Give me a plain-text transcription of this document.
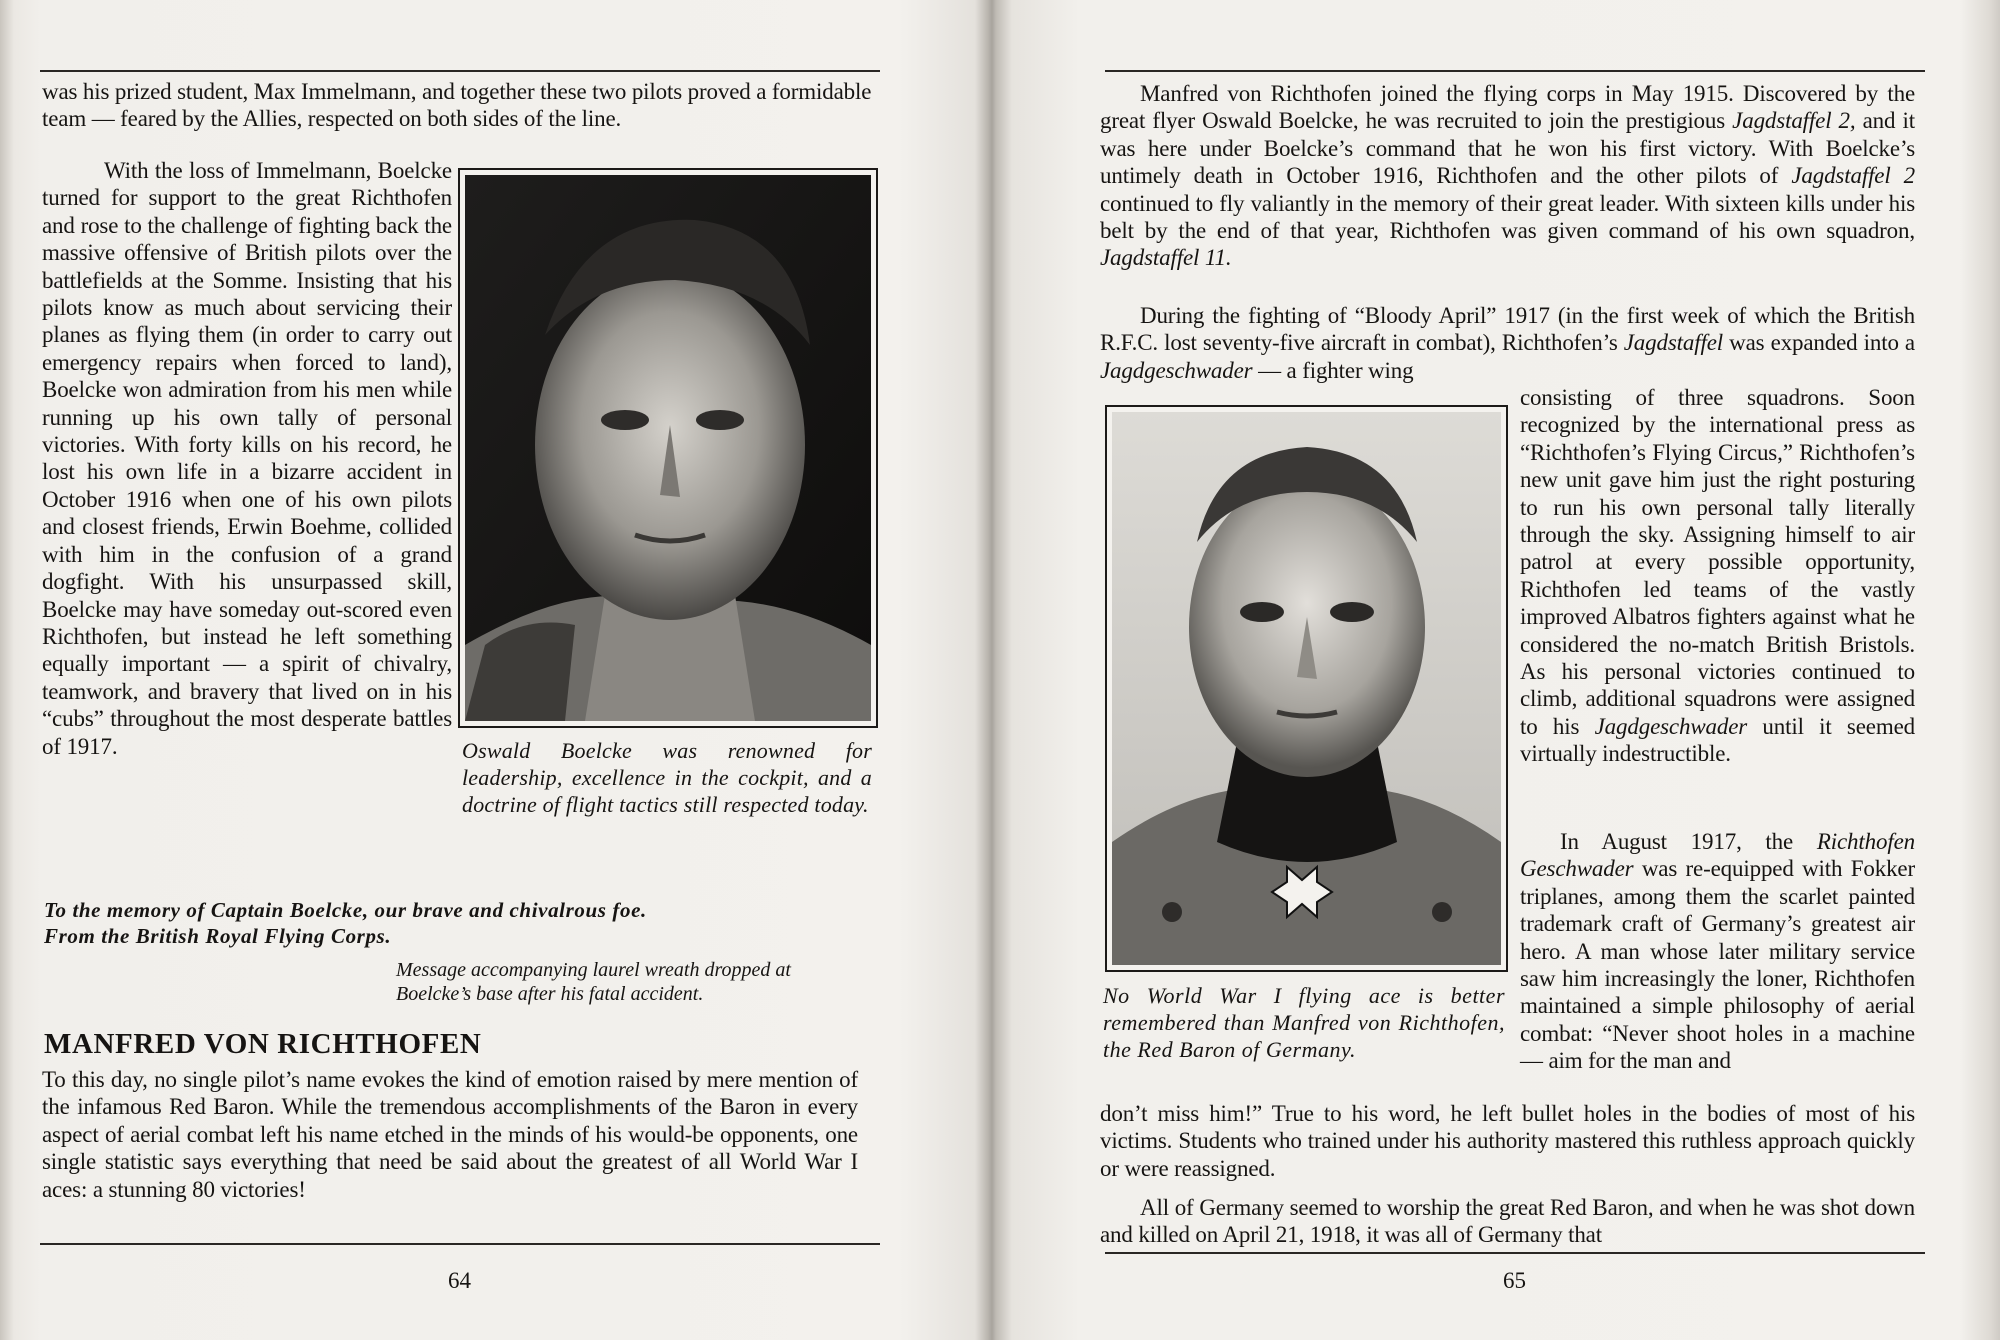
was his prized student, Max Immelmann, and together these two pilots proved a formidable team — feared by the Allies, respected on both sides of the line.
With the loss of Immelmann, Boelcke turned for support to the great Richthofen and rose to the challenge of fighting back the massive offensive of British pilots over the battlefields at the Somme. Insisting that his pilots know as much about servicing their planes as flying them (in order to carry out emergency repairs when forced to land), Boelcke won admiration from his men while running up his own tally of personal victories. With forty kills on his record, he lost his own life in a bizarre accident in October 1916 when one of his own pilots and closest friends, Erwin Boehme, collided with him in the confusion of a grand dogfight. With his unsurpassed skill, Boelcke may have someday out-scored even Richthofen, but instead he left something equally important — a spirit of chivalry, teamwork, and bravery that lived on in his “cubs” throughout the most desperate battles of 1917.	Oswald Boelcke was renowned for leadership, excellence in the cockpit, and a doctrine of flight tactics still respected today.
To the memory of Captain Boelcke, our brave and chivalrous foe.
From the British Royal Flying Corps.
Message accompanying laurel wreath dropped at Boelcke’s base after his fatal accident.
MANFRED VON RICHTHOFEN
To this day, no single pilot’s name evokes the kind of emotion raised by mere mention of the infamous Red Baron. While the tremendous accomplishments of the Baron in every aspect of aerial combat left his name etched in the minds of his would-be opponents, one single statistic says everything that need be said about the greatest of all World War I aces: a stunning 80 victories!
64
Manfred von Richthofen joined the flying corps in May 1915. Discovered by the great flyer Oswald Boelcke, he was recruited to join the prestigious Jagdstaffel 2, and it was here under Boelcke’s command that he won his first victory. With Boelcke’s untimely death in October 1916, Richthofen and the other pilots of Jagdstaffel 2 continued to fly valiantly in the memory of their great leader. With sixteen kills under his belt by the end of that year, Richthofen was given command of his own squadron, Jagdstaffel 11.
During the fighting of “Bloody April” 1917 (in the first week of which the British R.F.C. lost seventy-five aircraft in combat), Richthofen’s Jagdstaffel was expanded into a Jagdgeschwader — a fighter wing
consisting of three squadrons. Soon recognized by the international press as “Richthofen’s Flying Circus,” Richthofen’s new unit gave him just the right posturing to run his own personal tally literally through the sky. Assigning himself to air patrol at every possible opportunity, Richthofen led teams of the vastly improved Albatros fighters against what he considered the no-match British Bristols. As his personal victories continued to climb, additional squadrons were assigned to his Jagdgeschwader until it seemed virtually indestructible.
In August 1917, the Richthofen Geschwader was re-equipped with Fokker triplanes, among them the scarlet painted trademark craft of Germany’s greatest air hero. A man whose later military service saw him increasingly the loner, Richthofen maintained a simple philosophy of aerial combat: “Never shoot holes in a machine — aim for the man and
No World War I flying ace is better remembered than Manfred von Richthofen, the Red Baron of Germany.
don’t miss him!” True to his word, he left bullet holes in the bodies of most of his victims. Students who trained under his authority mastered this ruthless approach quickly or were reassigned.
All of Germany seemed to worship the great Red Baron, and when he was shot down and killed on April 21, 1918, it was all of Germany that
65
